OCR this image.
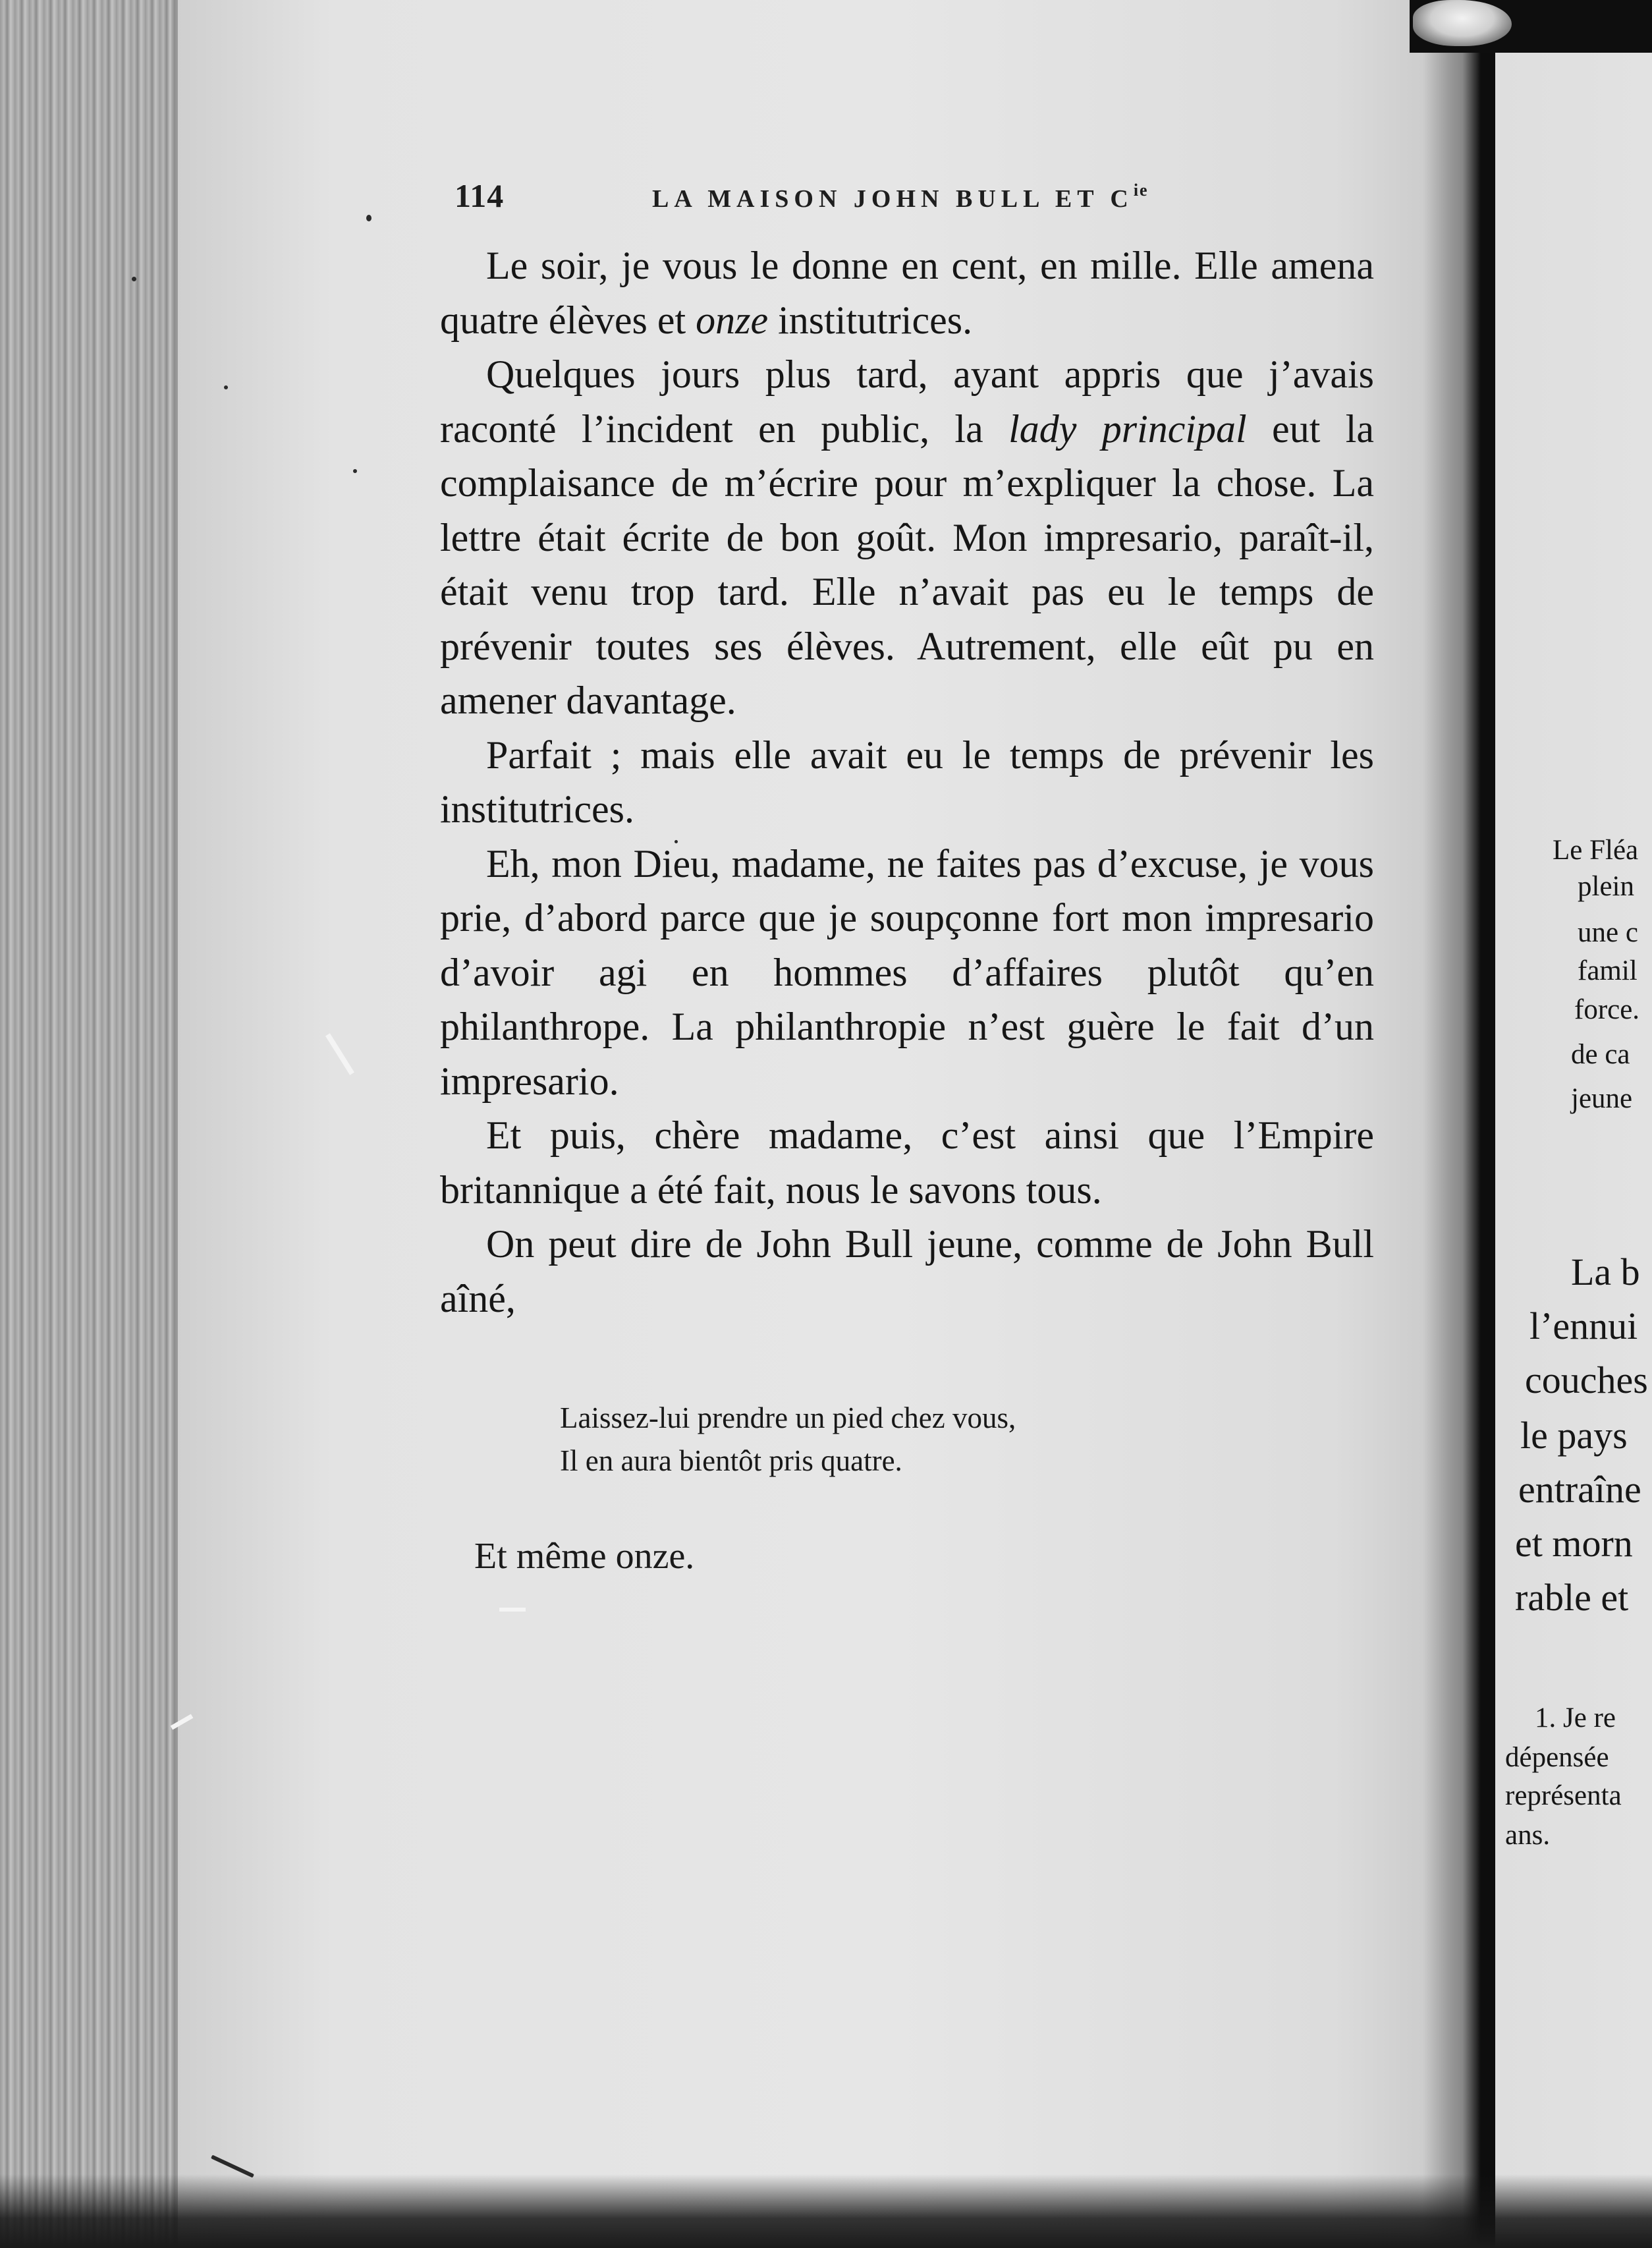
114	LA MAISON JOHN BULL ET $C^{ie}$

Le soir, je vous le donne en cent, en mille. Elle amena quatre élèves et onze institutrices.

Quelques jours plus tard, ayant appris que j’avais raconté l’incident en public, la lady principal eut la complaisance de m’écrire pour m’expliquer la chose. La lettre était écrite de bon goût. Mon impresario, paraît-il, était venu trop tard. Elle n’avait pas eu le temps de prévenir toutes ses élèves. Autrement, elle eût pu en amener davantage.

Parfait ; mais elle avait eu le temps de prévenir les institutrices.

Eh, mon Dieu, madame, ne faites pas d’excuse, je vous prie, d’abord parce que je soupçonne fort mon impresario d’avoir agi en hommes d’affaires plutôt qu’en philanthrope. La philanthropie n’est guère le fait d’un impresario.

Et puis, chère madame, c’est ainsi que l’Empire britannique a été fait, nous le savons tous.

On peut dire de John Bull jeune, comme de John Bull aîné,

Laissez-lui prendre un pied chez vous,
Il en aura bientôt pris quatre.
Et même onze.
Le Fléa
plein
une c
famil
force.
de ca
jeune
La b
l’ennui
couches
le pays
entraîne
et morn
rable et
1. Je re
dépensée
représenta
ans.
